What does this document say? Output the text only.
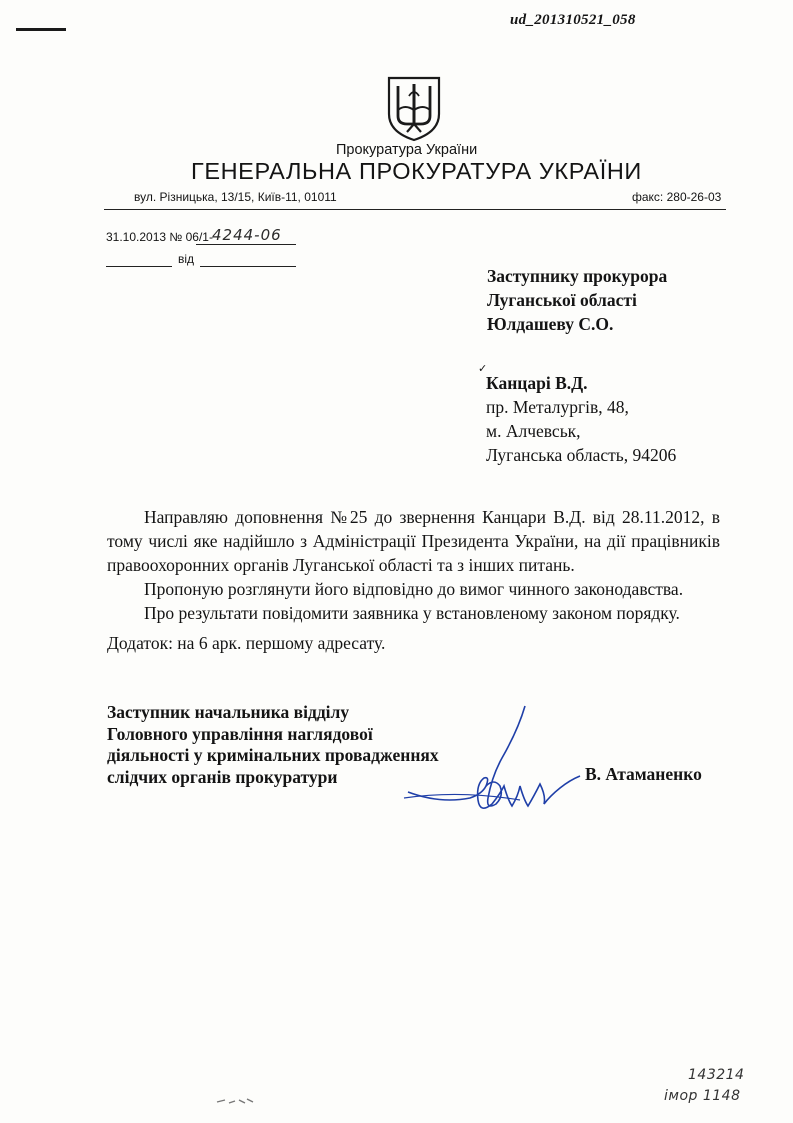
ud_201310521_058
Прокуратура України
ГЕНЕРАЛЬНА ПРОКУРАТУРА УКРАЇНИ
вул. Різницька, 13/15, Київ-11, 01011	факс: 280-26-03
31.10.2013 № 06/1- 4244-06
від
Заступнику прокурора
Луганської області
Юлдашеву С.О.
✓
Канцарі В.Д.
пр. Металургів, 48,
м. Алчевськ,
Луганська область, 94206

Направляю доповнення №25 до звернення Канцари В.Д. від 28.11.2012, в тому числі яке надійшло з Адміністрації Президента України, на дії працівників правоохоронних органів Луганської області та з інших питань.

Пропоную розглянути його відповідно до вимог чинного законодавства.

Про результати повідомити заявника у встановленому законом порядку.

Додаток: на 6 арк. першому адресату.
Заступник начальника відділу
Головного управління наглядової
діяльності у кримінальних провадженнях
слідчих органів прокуратури	В. Атаманенко
143214
імор 1148
